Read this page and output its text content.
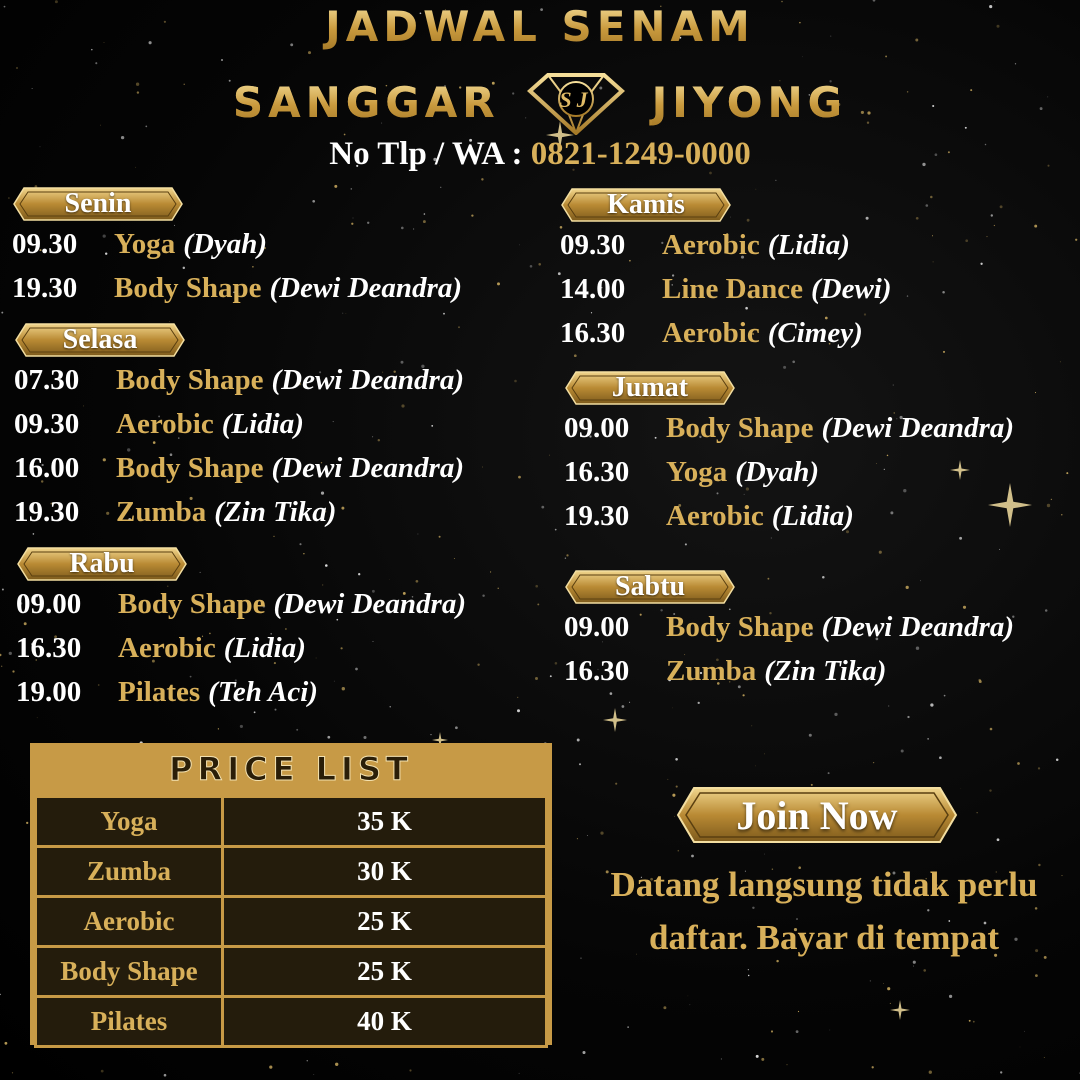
JADWAL SENAM
SANGGAR	SJ JIYONG
No Tlp / WA : 0821-1249-0000
Senin
09.30	Yoga (Dyah)
19.30	Body Shape (Dewi Deandra)
Selasa
07.30	Body Shape (Dewi Deandra)
09.30	Aerobic (Lidia)
16.00	Body Shape (Dewi Deandra)
19.30	Zumba (Zin Tika)
Rabu
09.00	Body Shape (Dewi Deandra)
16.30	Aerobic (Lidia)
19.00	Pilates (Teh Aci)
Kamis
09.30	Aerobic (Lidia)
14.00	Line Dance (Dewi)
16.30	Aerobic (Cimey)
Jumat
09.00	Body Shape (Dewi Deandra)
16.30	Yoga (Dyah)
19.30	Aerobic (Lidia)
Sabtu
09.00	Body Shape (Dewi Deandra)
16.30	Zumba (Zin Tika)
PRICE LIST
Yoga	35 K
Zumba	30 K
Aerobic	25 K
Body Shape	25 K
Pilates	40 K
Join Now
Datang langsung tidak perlu
daftar. Bayar di tempat
